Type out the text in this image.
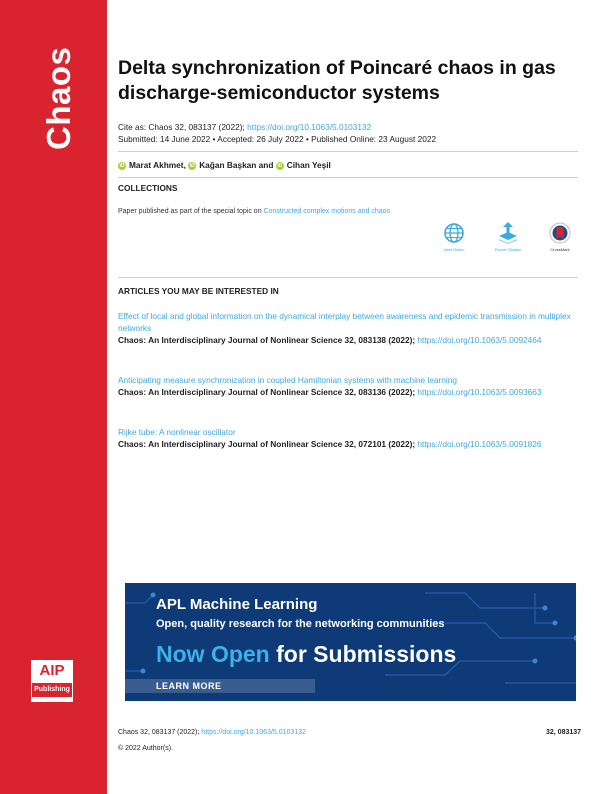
Chaos
AIP
Publishing
Delta synchronization of Poincaré chaos in gas discharge-semiconductor systems
Cite as: Chaos 32, 083137 (2022); https://doi.org/10.1063/5.0103132
Submitted: 14 June 2022 • Accepted: 26 July 2022 • Published Online: 23 August 2022
iD Marat Akhmet, iD Kağan Başkan and iD Cihan Yeşil
COLLECTIONS
Paper published as part of the special topic on Constructed complex motions and chaos
View Online	Export Citation	CrossMark
ARTICLES YOU MAY BE INTERESTED IN
Effect of local and global information on the dynamical interplay between awareness and epidemic transmission in multiplex networks
Chaos: An Interdisciplinary Journal of Nonlinear Science 32, 083138 (2022); https://doi.org/10.1063/5.0092464
Anticipating measure synchronization in coupled Hamiltonian systems with machine learning
Chaos: An Interdisciplinary Journal of Nonlinear Science 32, 083136 (2022); https://doi.org/10.1063/5.0093663
Rijke tube: A nonlinear oscillator
Chaos: An Interdisciplinary Journal of Nonlinear Science 32, 072101 (2022); https://doi.org/10.1063/5.0091826
APL Machine Learning
Open, quality research for the networking communities
Now Open for Submissions
LEARN MORE
Chaos 32, 083137 (2022); https://doi.org/10.1063/5.0103132	32, 083137
© 2022 Author(s).
